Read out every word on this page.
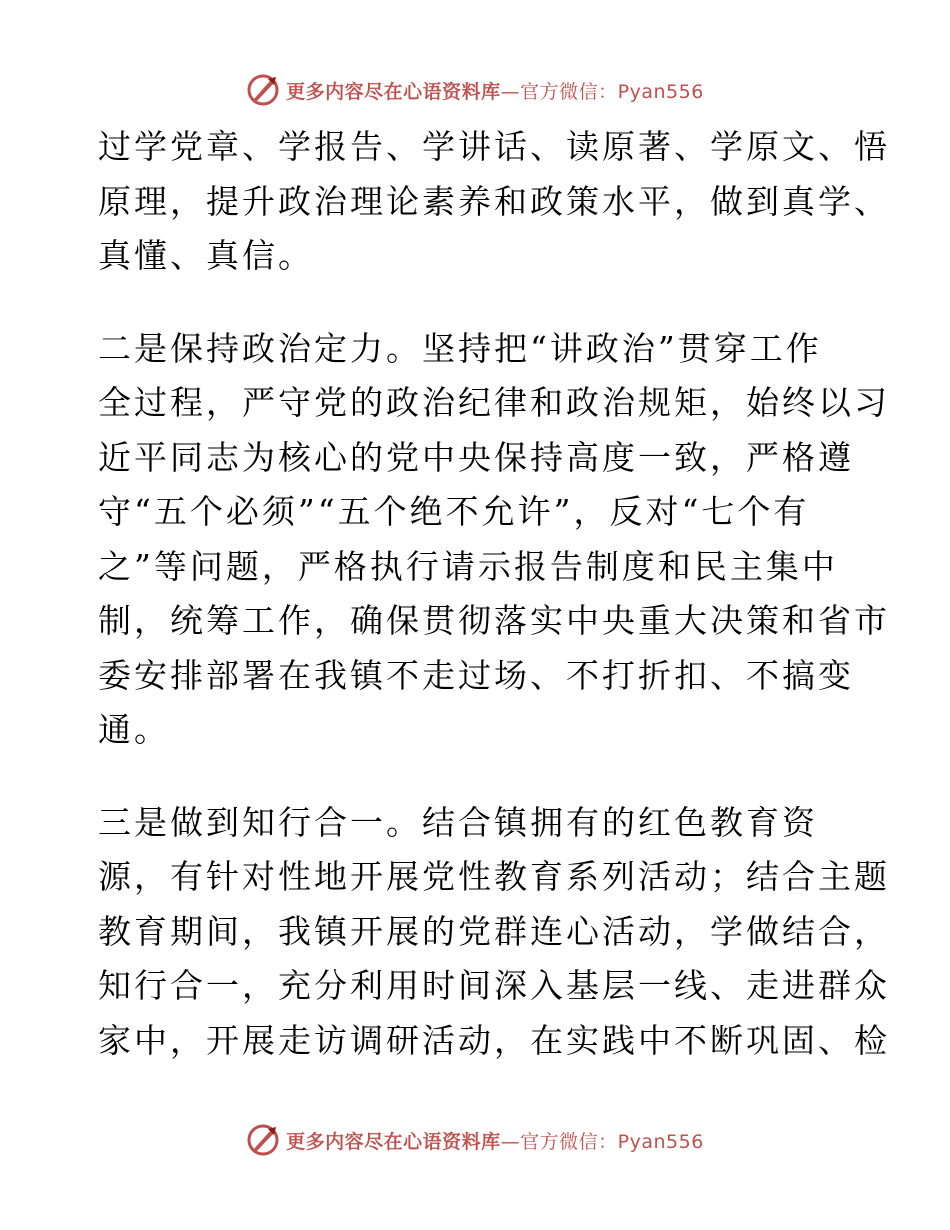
更多内容尽在心语资料库—官方微信：Pyan556
过学党章、学报告、学讲话、读原著、学原文、悟
原理，提升政治理论素养和政策水平，做到真学、
真懂、真信。
二是保持政治定力。坚持把“讲政治”贯穿工作
全过程，严守党的政治纪律和政治规矩，始终以习
近平同志为核心的党中央保持高度一致，严格遵
守“五个必须”“五个绝不允许”，反对“七个有
之”等问题，严格执行请示报告制度和民主集中
制，统筹工作，确保贯彻落实中央重大决策和省市
委安排部署在我镇不走过场、不打折扣、不搞变
通。
三是做到知行合一。结合镇拥有的红色教育资
源，有针对性地开展党性教育系列活动；结合主题
教育期间，我镇开展的党群连心活动，学做结合，
知行合一，充分利用时间深入基层一线、走进群众
家中，开展走访调研活动，在实践中不断巩固、检
更多内容尽在心语资料库—官方微信：Pyan556
